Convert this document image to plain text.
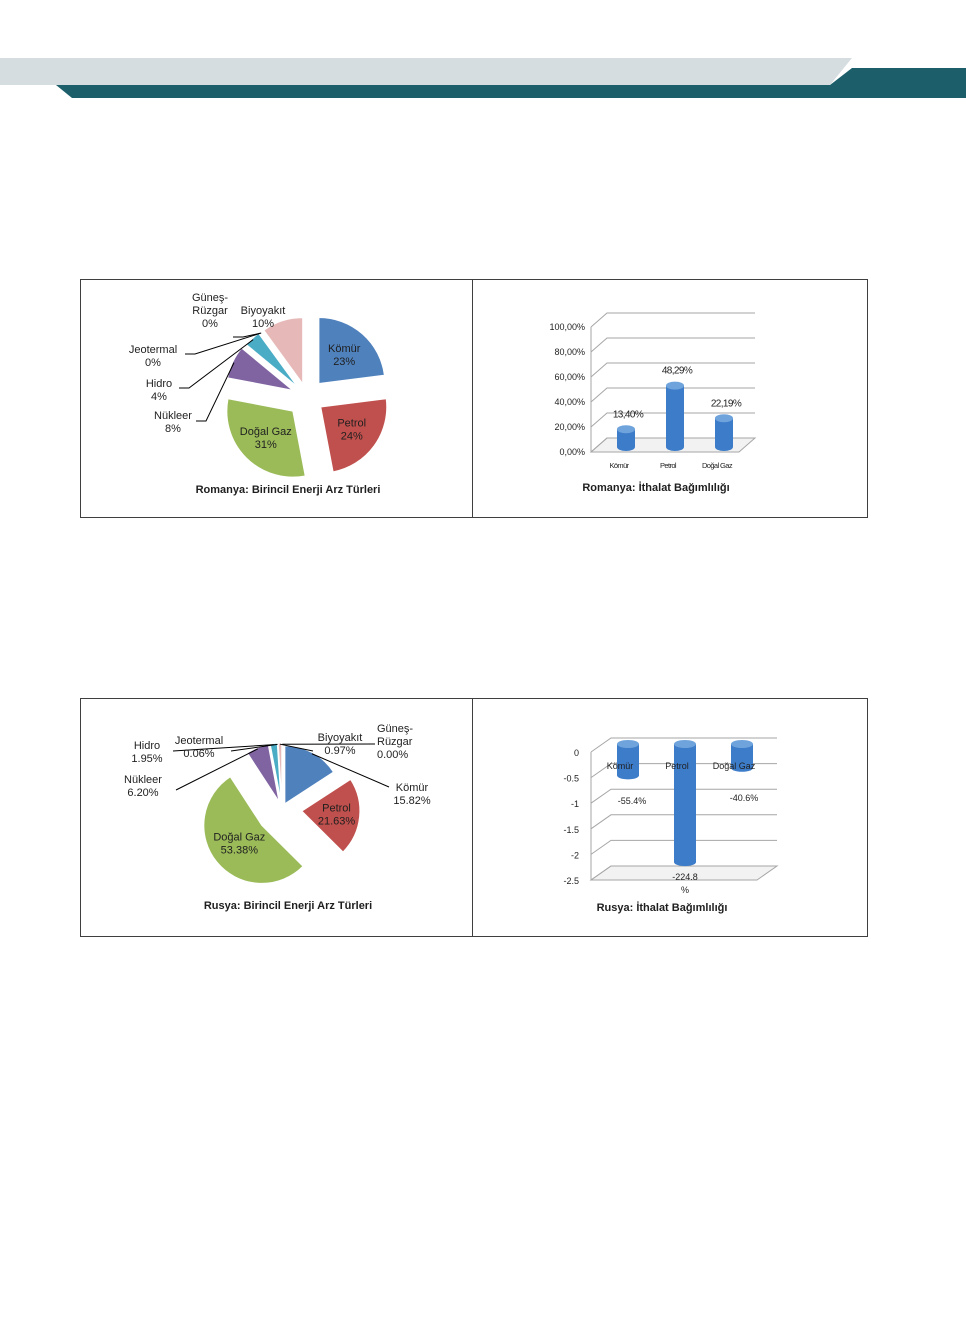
Kömür 23%
Petrol 24%
Doğal Gaz 31%
Nükleer 8%
Hidro 4%
Jeotermal 0%
Güneş-Rüzgar 0%
Biyoyakıt 10%
Romanya: Birincil Enerji Arz Türleri
0,00%
20,00%
40,00%
60,00%
80,00%
100,00%
13,40%
Kömür
48,29%
Petrol
22,19%
Doğal Gaz
Romanya: İthalat Bağımlılığı
Kömür 15.82%
Petrol 21.63%
Doğal Gaz 53.38%
Nükleer 6.20%
Hidro 1.95%
Jeotermal 0.06%
Güneş-Rüzgar 0.00%
Biyoyakıt 0.97%
Rusya: Birincil Enerji Arz Türleri
0
-0.5
-1
-1.5
-2
-2.5
Kömür
-55.4%
Petrol
-224.8 %
Doğal Gaz
-40.6%
Rusya: İthalat Bağımlılığı
